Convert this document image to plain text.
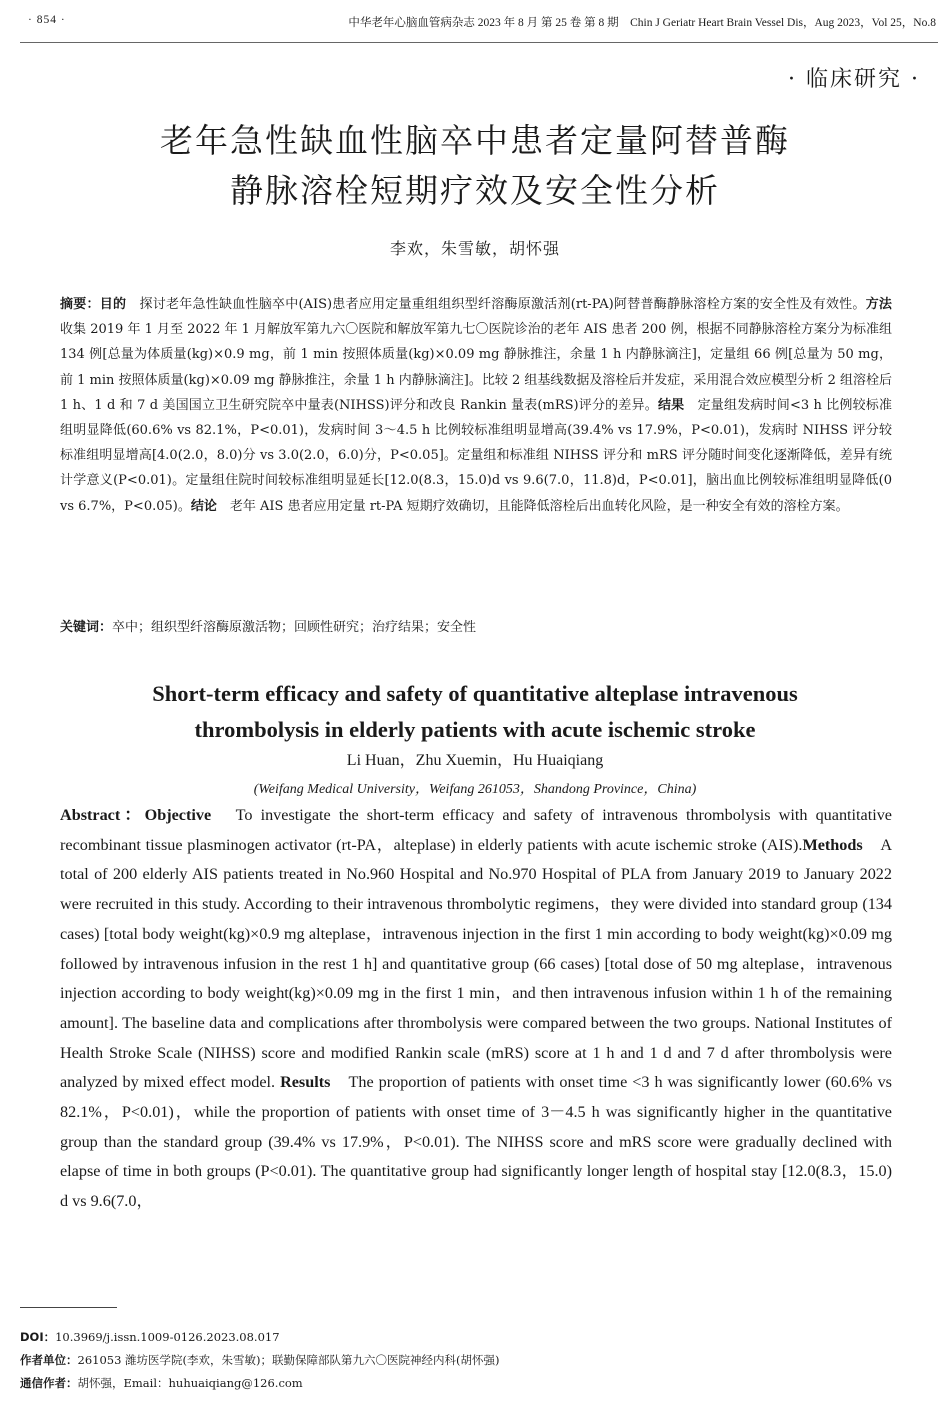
· 854 ·	中华老年心脑血管病杂志 2023 年 8 月 第 25 卷 第 8 期　Chin J Geriatr Heart Brain Vessel Dis，Aug 2023，Vol 25，No.8
· 临床研究 ·
老年急性缺血性脑卒中患者定量阿替普酶
静脉溶栓短期疗效及安全性分析
李欢，朱雪敏，胡怀强
摘要：目的　 探讨老年急性缺血性脑卒中(AIS)患者应用定量重组组织型纤溶酶原激活剂(rt-PA)阿替普酶静脉溶栓方案的安全性及有效性。方法　收集 2019 年 1 月至 2022 年 1 月解放军第九六〇医院和解放军第九七〇医院诊治的老年 AIS 患者 200 例，根据不同静脉溶栓方案分为标准组 134 例[总量为体质量(kg)×0.9 mg，前 1 min 按照体质量(kg)×0.09 mg 静脉推注，余量 1 h 内静脉滴注]，定量组 66 例[总量为 50 mg，前 1 min 按照体质量(kg)×0.09 mg 静脉推注，余量 1 h 内静脉滴注]。比较 2 组基线数据及溶栓后并发症，采用混合效应模型分析 2 组溶栓后 1 h、1 d 和 7 d 美国国立卫生研究院卒中量表(NIHSS)评分和改良 Rankin 量表(mRS)评分的差异。结果　 定量组发病时间<3 h 比例较标准组明显降低(60.6% vs 82.1%，P<0.01)，发病时间 3～4.5 h 比例较标准组明显增高(39.4% vs 17.9%，P<0.01)，发病时 NIHSS 评分较标准组明显增高[4.0(2.0，8.0)分 vs 3.0(2.0，6.0)分，P<0.05]。定量组和标准组 NIHSS 评分和 mRS 评分随时间变化逐渐降低，差异有统计学意义(P<0.01)。定量组住院时间较标准组明显延长[12.0(8.3，15.0)d vs 9.6(7.0，11.8)d，P<0.01]，脑出血比例较标准组明显降低(0 vs 6.7%，P<0.05)。结论　 老年 AIS 患者应用定量 rt-PA 短期疗效确切，且能降低溶栓后出血转化风险，是一种安全有效的溶栓方案。
关键词：卒中；组织型纤溶酶原激活物；回顾性研究；治疗结果；安全性
Short-term efficacy and safety of quantitative alteplase intravenous
thrombolysis in elderly patients with acute ischemic stroke
Li Huan，Zhu Xuemin，Hu Huaiqiang
(Weifang Medical University，Weifang 261053，Shandong Province，China)
Abstract：Objective　 To investigate the short-term efficacy and safety of intravenous thrombolysis with quantitative recombinant tissue plasminogen activator (rt-PA，alteplase) in elderly patients with acute ischemic stroke (AIS).Methods　 A total of 200 elderly AIS patients treated in No.960 Hospital and No.970 Hospital of PLA from January 2019 to January 2022 were recruited in this study. According to their intravenous thrombolytic regimens，they were divided into standard group (134 cases) [total body weight(kg)×0.9 mg alteplase，intravenous injection in the first 1 min according to body weight(kg)×0.09 mg followed by intravenous infusion in the rest 1 h] and quantitative group (66 cases) [total dose of 50 mg alteplase，intravenous injection according to body weight(kg)×0.09 mg in the first 1 min，and then intravenous infusion within 1 h of the remaining amount]. The baseline data and complications after thrombolysis were compared between the two groups. National Institutes of Health Stroke Scale (NIHSS) score and modified Rankin scale (mRS) score at 1 h and 1 d and 7 d after thrombolysis were analyzed by mixed effect model. Results　 The proportion of patients with onset time <3 h was significantly lower (60.6% vs 82.1%，P<0.01)，while the proportion of patients with onset time of 3－4.5 h was significantly higher in the quantitative group than the standard group (39.4% vs 17.9%，P<0.01). The NIHSS score and mRS score were gradually declined with elapse of time in both groups (P<0.01). The quantitative group had significantly longer length of hospital stay [12.0(8.3，15.0) d vs 9.6(7.0，
DOI：10.3969/j.issn.1009-0126.2023.08.017
作者单位：261053 潍坊医学院(李欢，朱雪敏)；联勤保障部队第九六〇医院神经内科(胡怀强)
通信作者：胡怀强，Email：huhuaiqiang@126.com
